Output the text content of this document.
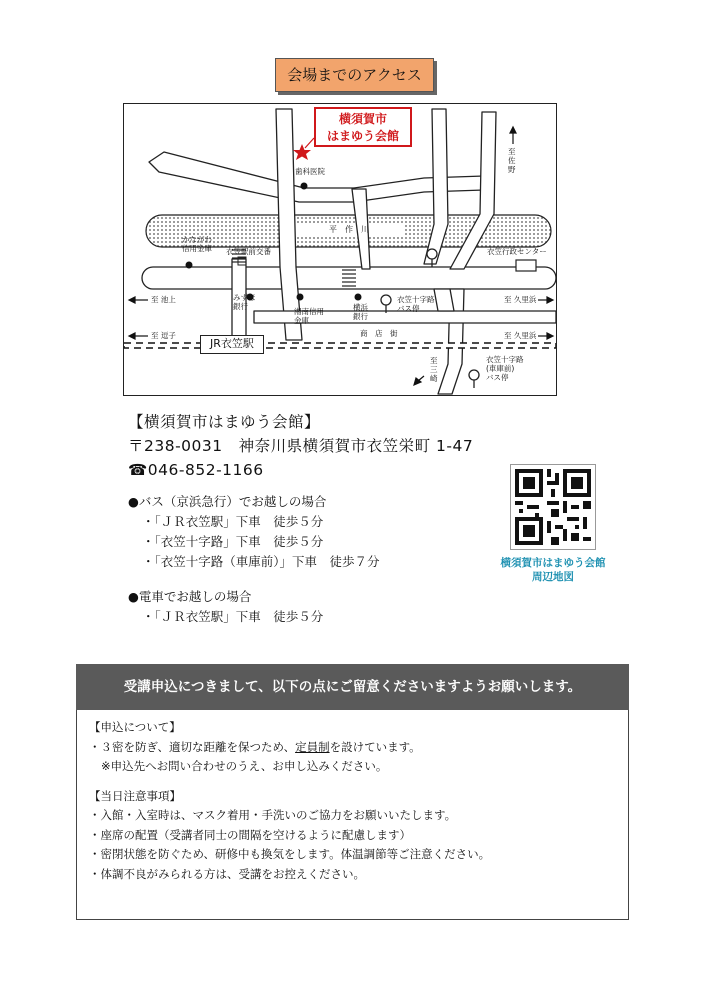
会場までのアクセス
横須賀市
はまゆう会館
歯科医院
平　作　川
かながわ
信用金庫 衣笠駅前交番	衣笠行政センター
みずほ
銀行
湘南信用
金庫
横浜
銀行
衣笠十字路
バス停
衣笠十字路
(車庫前)
バス停
商　店　街
JR衣笠駅
至
佐
野
至 池上	至 久里浜
至 逗子	至 久里浜
至
三
崎
【横須賀市はまゆう会館】
〒238-0031　神奈川県横須賀市衣笠栄町 1-47
☎046-852-1166
●バス（京浜急行）でお越しの場合
・「ＪＲ衣笠駅」下車　徒歩５分
・「衣笠十字路」下車　徒歩５分
・「衣笠十字路（車庫前）」下車　徒歩７分
●電車でお越しの場合
・「ＪＲ衣笠駅」下車　徒歩５分
横須賀市はまゆう会館
周辺地図
受講申込につきまして、以下の点にご留意くださいますようお願いします。
【申込について】
・３密を防ぎ、適切な距離を保つため、定員制を設けています。
※申込先へお問い合わせのうえ、お申し込みください。
【当日注意事項】
・入館・入室時は、マスク着用・手洗いのご協力をお願いいたします。
・座席の配置（受講者同士の間隔を空けるように配慮します）
・密閉状態を防ぐため、研修中も換気をします。体温調節等ご注意ください。
・体調不良がみられる方は、受講をお控えください。
